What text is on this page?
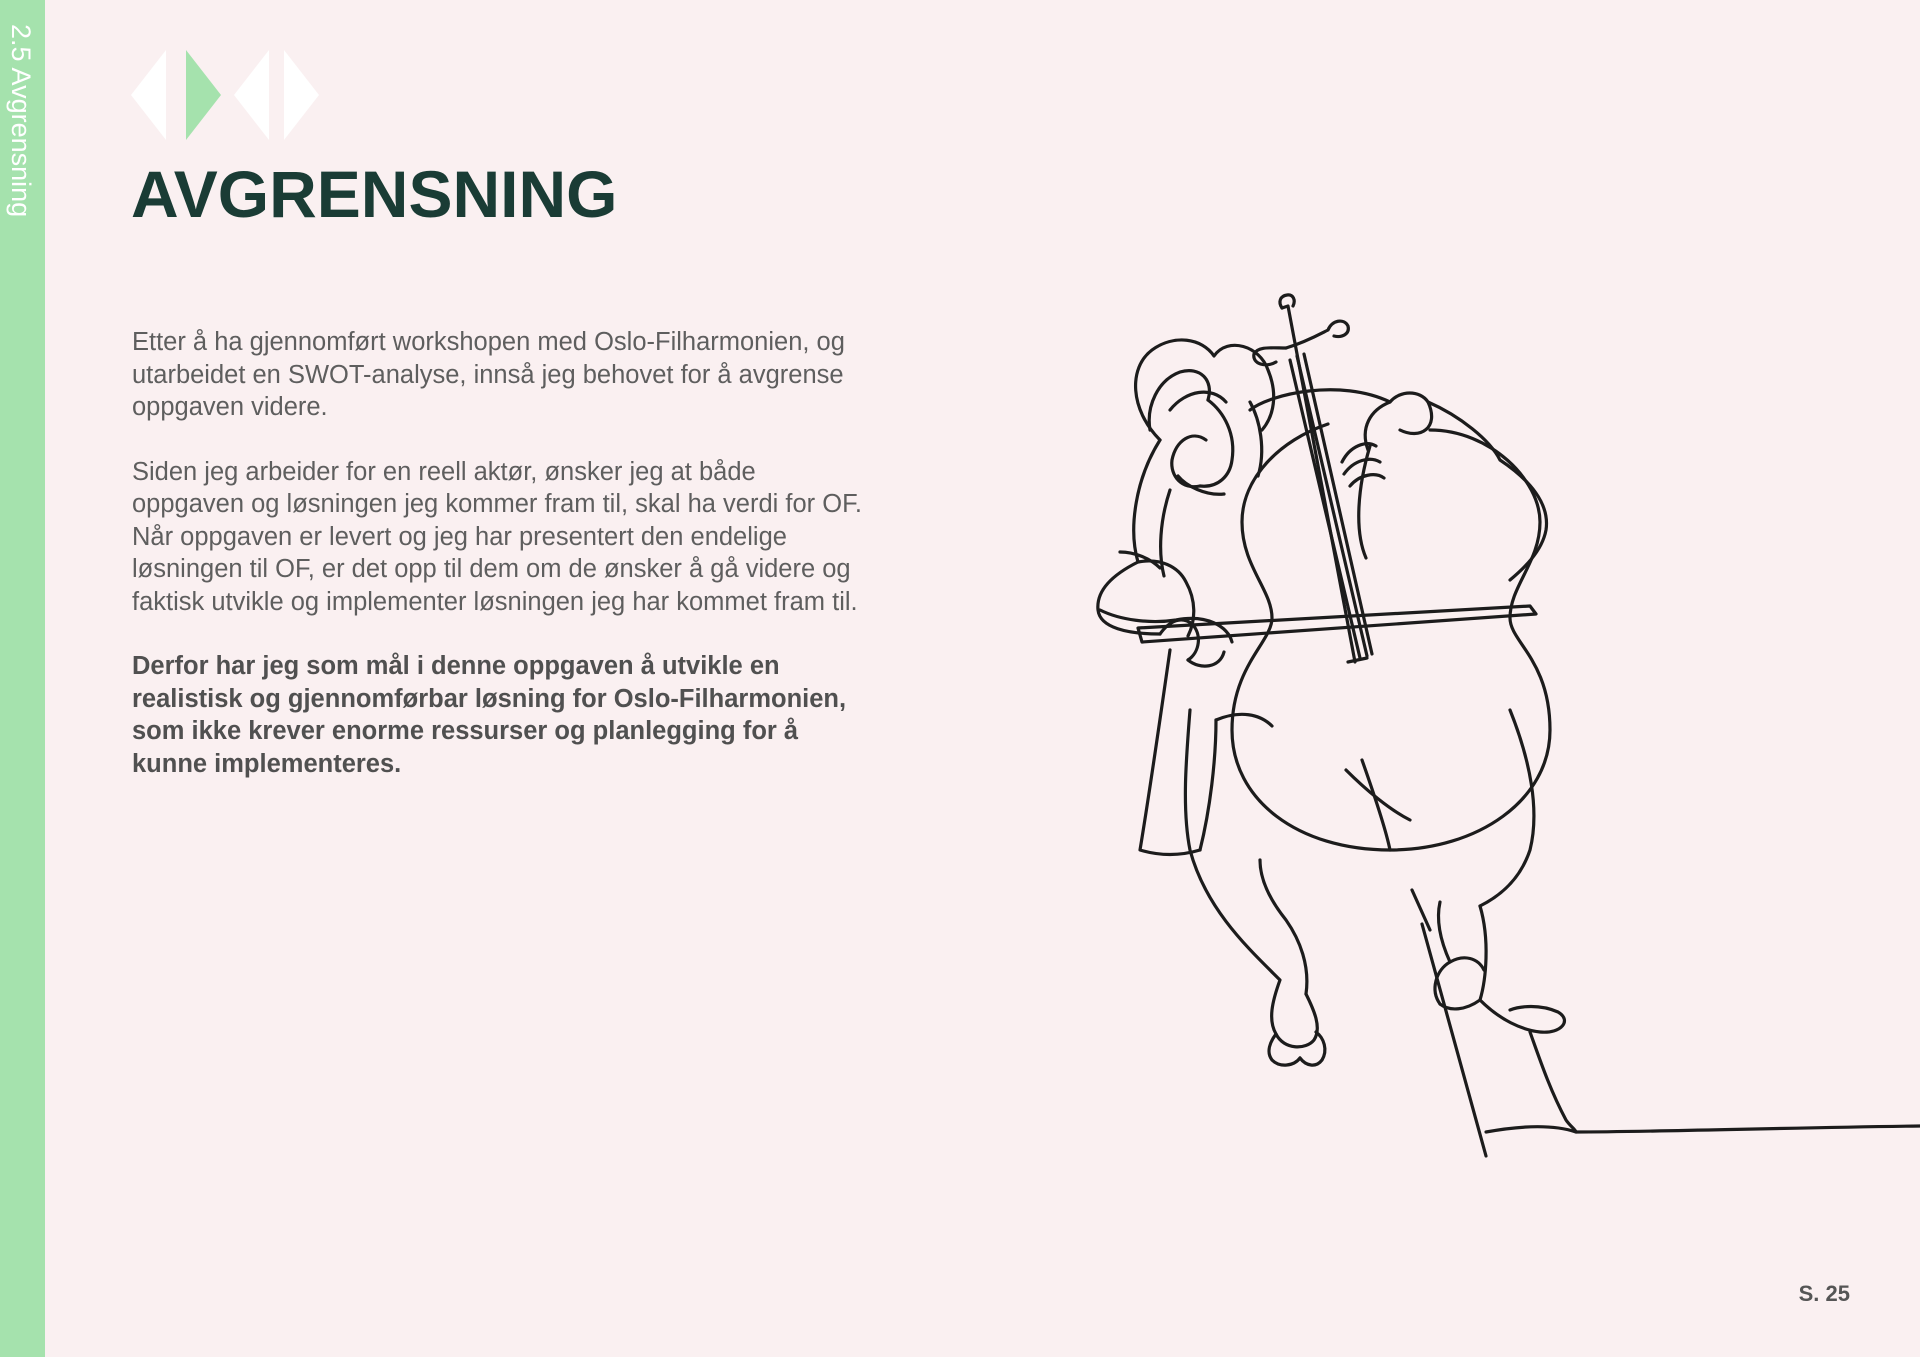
2.5 Avgrensning AVGRENSNING

Etter å ha gjennomført workshopen med Oslo-Filharmonien, og utarbeidet en SWOT-analyse, innså jeg behovet for å avgrense oppgaven videre.

Siden jeg arbeider for en reell aktør, ønsker jeg at både oppgaven og løsningen jeg kommer fram til, skal ha verdi for OF. Når oppgaven er levert og jeg har presentert den endelige løsningen til OF, er det opp til dem om de ønsker å gå videre og faktisk utvikle og implementer løsningen jeg har kommet fram til.

Derfor har jeg som mål i denne oppgaven å utvikle en realistisk og gjennomførbar løsning for Oslo-Filharmonien, som ikke krever enorme ressurser og planlegging for å kunne implementeres.

S. 25
